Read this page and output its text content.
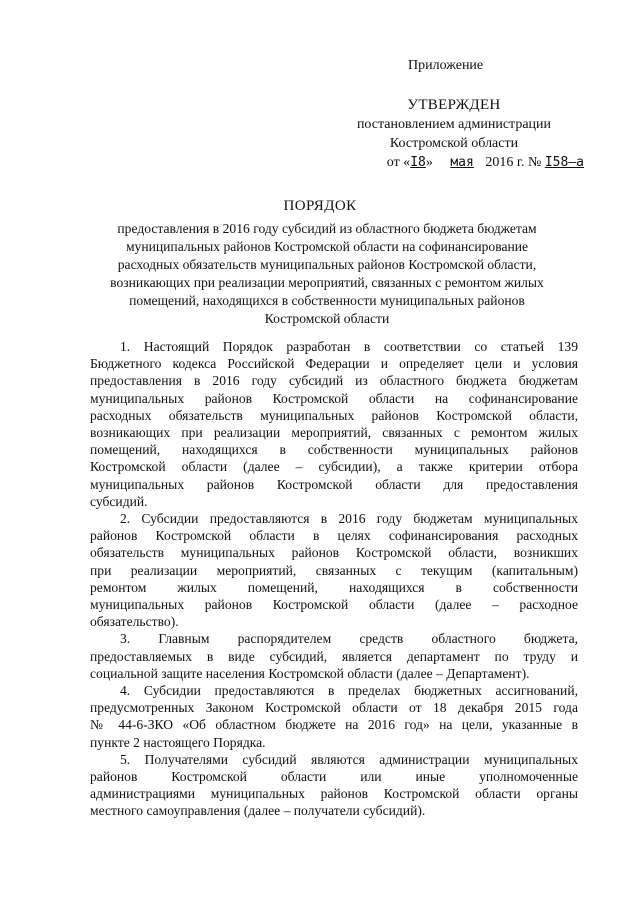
Приложение
УТВЕРЖДЕН
постановлением администрации
Костромской области
от «I8» мая 2016 г. № I58–а
ПОРЯДОК
предоставления в 2016 году субсидий из областного бюджета бюджетам
муниципальных районов Костромской области на софинансирование
расходных обязательств муниципальных районов Костромской области,
возникающих при реализации мероприятий, связанных с ремонтом жилых
помещений, находящихся в собственности муниципальных районов
Костромской области
1. Настоящий Порядок разработан в соответствии со статьей 139
Бюджетного кодекса Российской Федерации и определяет цели и условия
предоставления в 2016 году субсидий из областного бюджета бюджетам
муниципальных районов Костромской области на софинансирование
расходных обязательств муниципальных районов Костромской области,
возникающих при реализации мероприятий, связанных с ремонтом жилых
помещений, находящихся в собственности муниципальных районов
Костромской области (далее – субсидии), а также критерии отбора
муниципальных районов Костромской области для предоставления
субсидий.
2. Субсидии предоставляются в 2016 году бюджетам муниципальных
районов Костромской области в целях софинансирования расходных
обязательств муниципальных районов Костромской области, возникших
при реализации мероприятий, связанных с текущим (капитальным)
ремонтом жилых помещений, находящихся в собственности
муниципальных районов Костромской области (далее – расходное
обязательство).
3. Главным распорядителем средств областного бюджета,
предоставляемых в виде субсидий, является департамент по труду и
социальной защите населения Костромской области (далее – Департамент).
4. Субсидии предоставляются в пределах бюджетных ассигнований,
предусмотренных Законом Костромской области от 18 декабря 2015 года
№ 44-6-ЗКО «Об областном бюджете на 2016 год» на цели, указанные в
пункте 2 настоящего Порядка.
5. Получателями субсидий являются администрации муниципальных
районов Костромской области или иные уполномоченные
администрациями муниципальных районов Костромской области органы
местного самоуправления (далее – получатели субсидий).
